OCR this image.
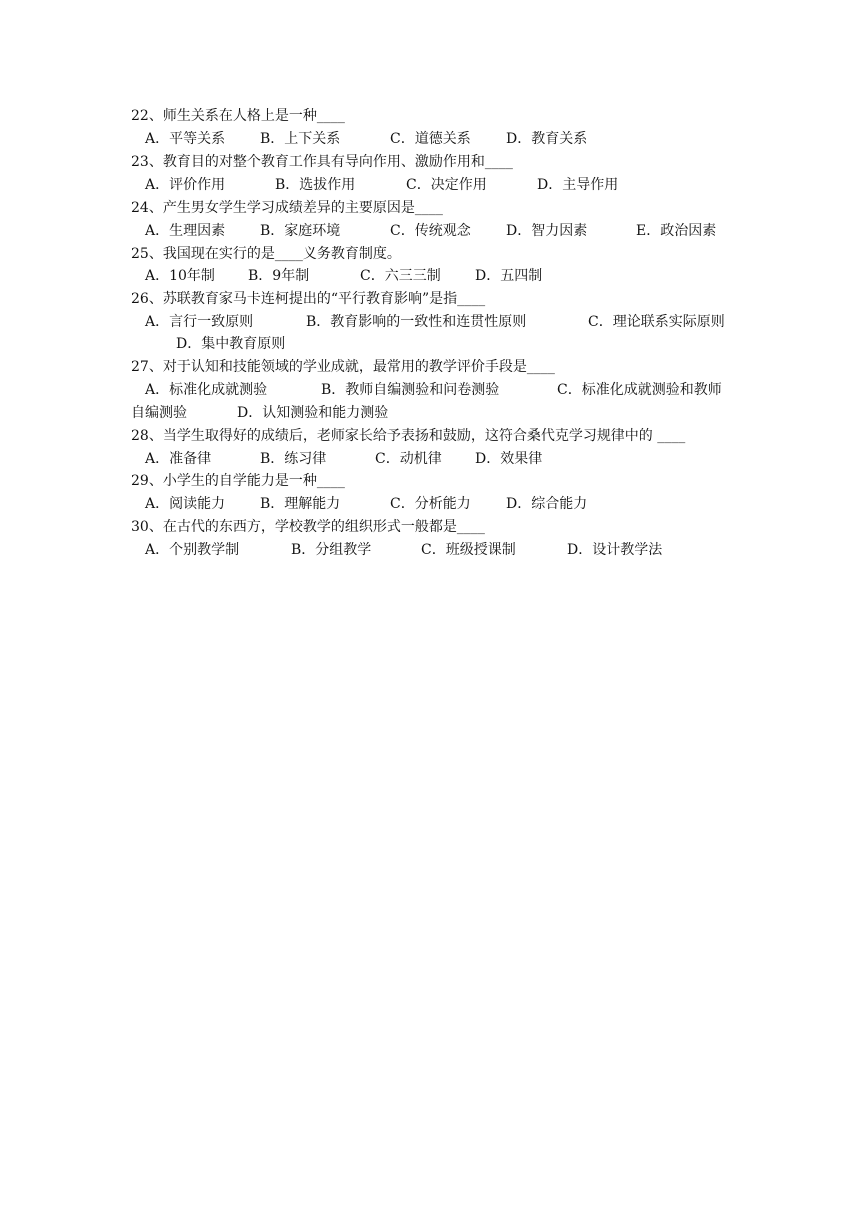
22、师生关系在人格上是一种____
A．平等关系 B．上下关系	C．道德关系	D．教育关系
23、教育目的对整个教育工作具有导向作用、激励作用和____
A．评价作用	B．选拔作用	C．决定作用	D．主导作用
24、产生男女学生学习成绩差异的主要原因是____
A．生理因素 B．家庭环境	C．传统观念	D．智力因素	E．政治因素
25、我国现在实行的是____义务教育制度。
A．10年制 B．9年制	C．六三三制 D．五四制
26、苏联教育家马卡连柯提出的“平行教育影响”是指____
A．言行一致原则	B．教育影响的一致性和连贯性原则	C．理论联系实际原则
D．集中教育原则
27、对于认知和技能领域的学业成就，最常用的教学评价手段是____
A．标准化成就测验	B．教师自编测验和问卷测验	C．标准化成就测验和教师
自编测验	D．认知测验和能力测验
28、当学生取得好的成绩后，老师家长给予表扬和鼓励，这符合桑代克学习规律中的 ____
A．准备律	B．练习律	C．动机律 D．效果律
29、小学生的自学能力是一种____
A．阅读能力 B．理解能力	C．分析能力	D．综合能力
30、在古代的东西方，学校教学的组织形式一般都是____
A．个别教学制	B．分组教学	C．班级授课制	D．设计教学法
